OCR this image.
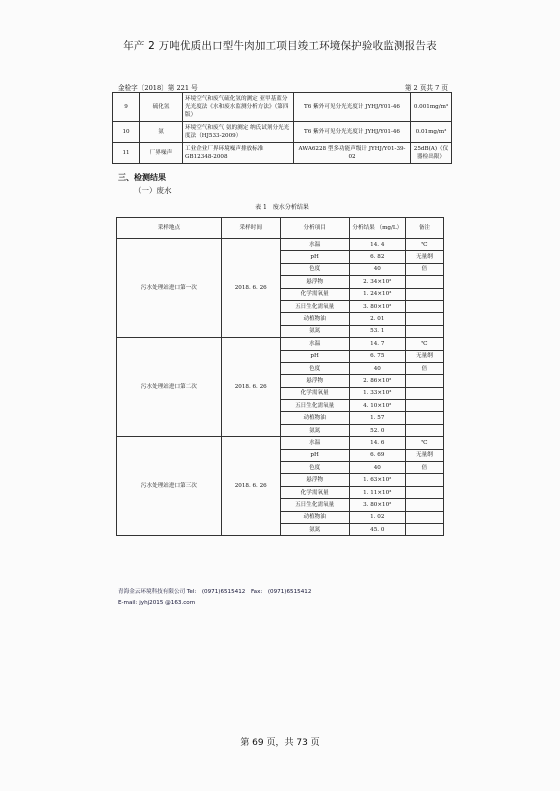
年产 2 万吨优质出口型牛肉加工项目竣工环境保护验收监测报告表
金检字〔2018〕第 221 号	第 2 页共 7 页
9	硫化氢	环境空气和废气硫化氢的测定 亚甲基蓝分光光度法《水和废水监测分析方法》（第四版）	T6 紫外可见分光光度计 JYHJ/Y01-46	0.001mg/m³
10	氨	环境空气和废气 氨的测定 纳氏试剂分光光度法（HJ533-2009）	T6 紫外可见分光光度计 JYHJ/Y01-46	0.01mg/m³
11	厂界噪声	工业企业厂界环境噪声排放标准 GB12348-2008	AWA6228 型多功能声级计 JYHJ/Y01-39-02	25dB(A)（仪器检出限）
三、检测结果
（一）废水
表 1　废水分析结果
采样地点	采样时间	分析项目	分析结果 （mg/L）	备注
污水处理站进口第一次	2018. 6. 26	水温	14. 4	℃
		pH	6. 82	无量纲
		色度	40	倍
		悬浮物	2. 34×10²	
		化学需氧量	1. 24×10³	
		五日生化需氧量	3. 80×10²	
		动植物油	2. 01	
		氨氮	53. 1	
污水处理站进口第二次	2018. 6. 26	水温	14. 7	℃
		pH	6. 75	无量纲
		色度	40	倍
		悬浮物	2. 86×10²	
		化学需氧量	1. 33×10³	
		五日生化需氧量	4. 10×10²	
		动植物油	1. 57	
		氨氮	52. 0	
污水处理站进口第三次	2018. 6. 26	水温	14. 6	℃
		pH	6. 69	无量纲
		色度	40	倍
		悬浮物	1. 63×10²	
		化学需氧量	1. 11×10³	
		五日生化需氧量	3. 80×10²	
		动植物油	1. 02	
		氨氮	45. 0	
青海金云环境科技有限公司 Tel:　(0971)6515412　Fax:　(0971)6515412
E-mail: jyhj2015 @163.com
第 69 页，共 73 页
